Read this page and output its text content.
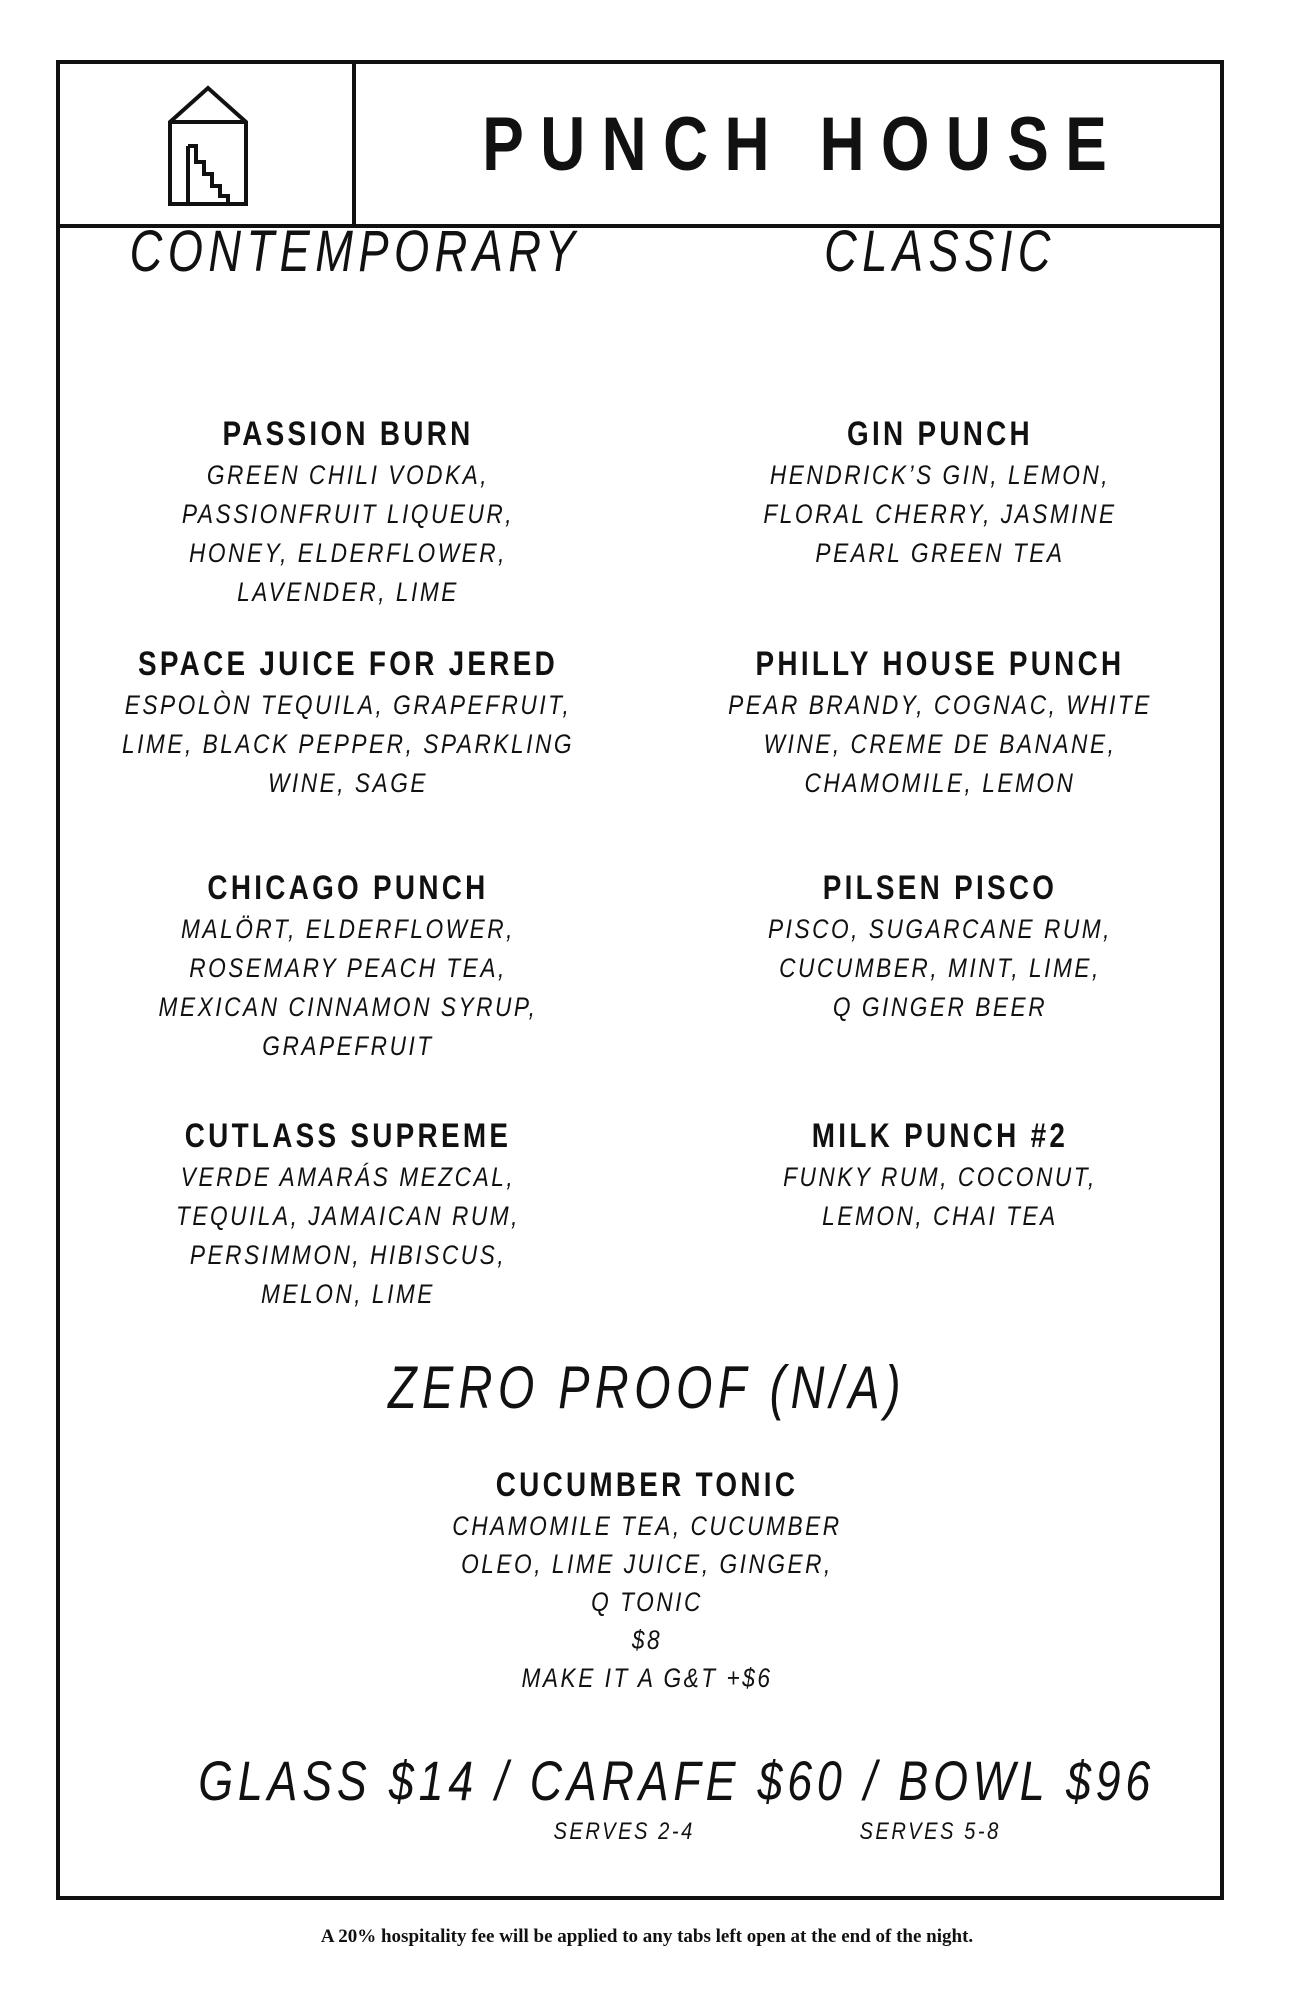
PUNCH HOUSE
CONTEMPORARY	CLASSIC
PASSION BURN
GREEN CHILI VODKA,
PASSIONFRUIT LIQUEUR,
HONEY, ELDERFLOWER,
LAVENDER, LIME
SPACE JUICE FOR JERED
ESPOLÒN TEQUILA, GRAPEFRUIT,
LIME, BLACK PEPPER, SPARKLING
WINE, SAGE
CHICAGO PUNCH
MALÖRT, ELDERFLOWER,
ROSEMARY PEACH TEA,
MEXICAN CINNAMON SYRUP,
GRAPEFRUIT
CUTLASS SUPREME
VERDE AMARÁS MEZCAL,
TEQUILA, JAMAICAN RUM,
PERSIMMON, HIBISCUS,
MELON, LIME
GIN PUNCH
HENDRICK’S GIN, LEMON,
FLORAL CHERRY, JASMINE
PEARL GREEN TEA
PHILLY HOUSE PUNCH
PEAR BRANDY, COGNAC, WHITE
WINE, CREME DE BANANE,
CHAMOMILE, LEMON
PILSEN PISCO
PISCO, SUGARCANE RUM,
CUCUMBER, MINT, LIME,
Q GINGER BEER
MILK PUNCH #2
FUNKY RUM, COCONUT,
LEMON, CHAI TEA
ZERO PROOF (N/A)
CUCUMBER TONIC
CHAMOMILE TEA, CUCUMBER
OLEO, LIME JUICE, GINGER,
Q TONIC
$8
MAKE IT A G&T +$6
GLASS $14 / CARAFE $60 / BOWL $96
SERVES 2-4	SERVES 5-8
A 20% hospitality fee will be applied to any tabs left open at the end of the night.
